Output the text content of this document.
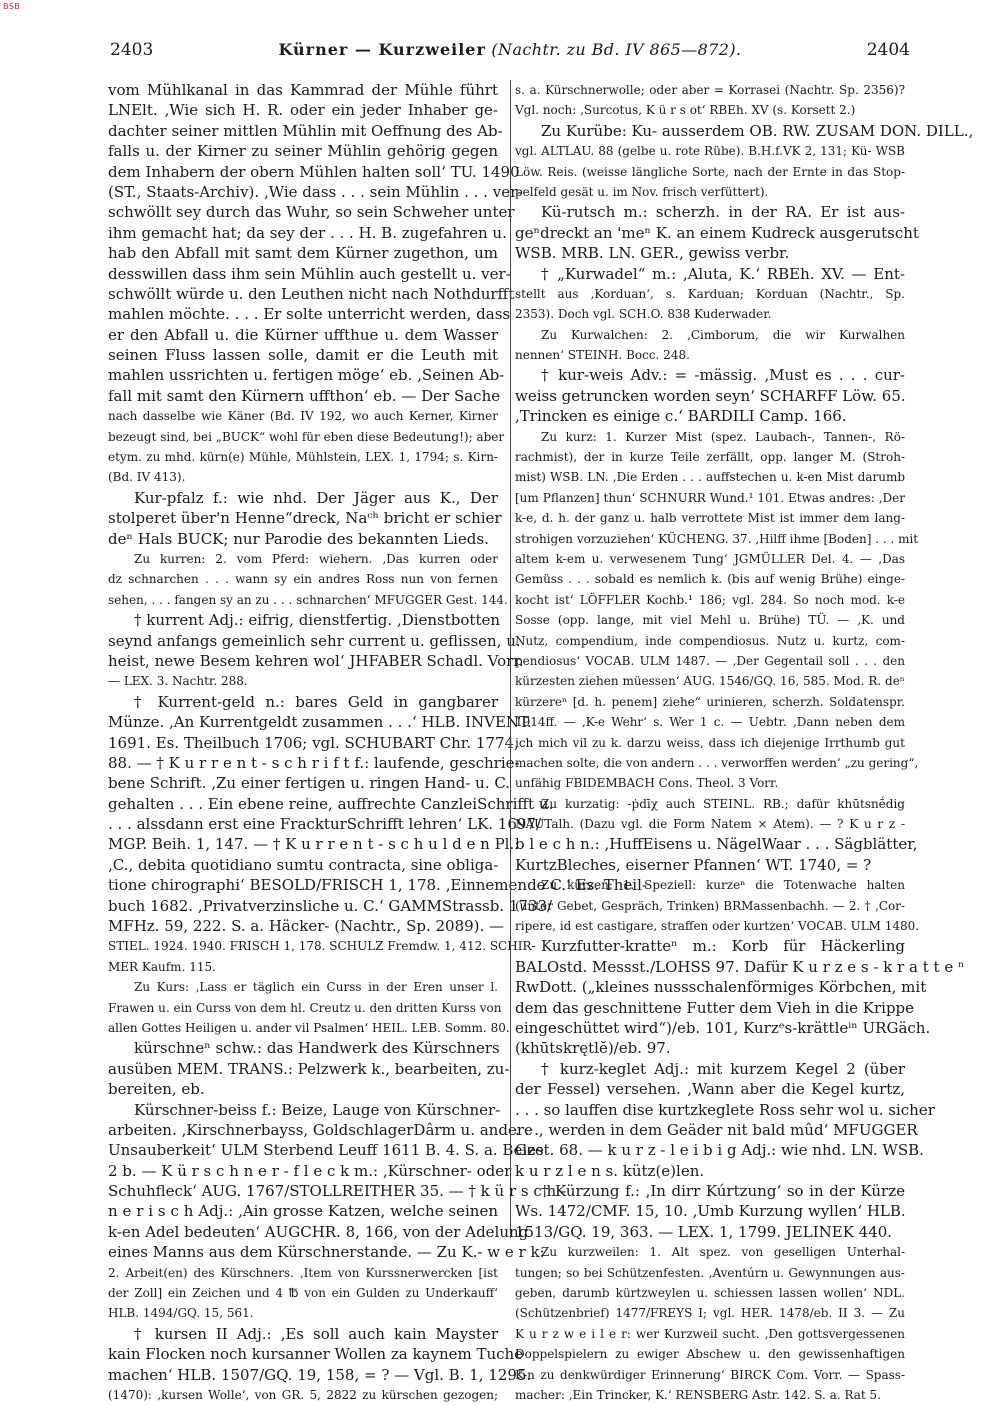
BSB
2403	Kürner — Kurzweiler (Nachtr. zu Bd. IV 865—872).	2404
vom Mühlkanal in das Kammrad der Mühle führt
LNElt. ‚Wie sich H. R. oder ein jeder Inhaber ge-
dachter seiner mittlen Mühlin mit Oeffnung des Ab-
falls u. der Kirner zu seiner Mühlin gehörig gegen
dem Inhabern der obern Mühlen halten soll‘ TU. 1490
(ST., Staats-Archiv). ‚Wie dass . . . sein Mühlin . . . ver-
schwöllt sey durch das Wuhr, so sein Schweher unter
ihm gemacht hat; da sey der . . . H. B. zugefahren u.
hab den Abfall mit samt dem Kürner zugethon, um
desswillen dass ihm sein Mühlin auch gestellt u. ver-
schwöllt würde u. den Leuthen nicht nach Nothdurfft
mahlen möchte. . . . Er solte unterricht werden, dass
er den Abfall u. die Kürner uffthue u. dem Wasser
seinen Fluss lassen solle, damit er die Leuth mit
mahlen ussrichten u. fertigen möge‘ eb. ‚Seinen Ab-
fall mit samt den Kürnern uffthon‘ eb. — Der Sache
nach dasselbe wie Käner (Bd. IV 192, wo auch Kerner, Kirner
bezeugt sind, bei „BUCK“ wohl für eben diese Bedeutung!); aber
etym. zu mhd. kürn(e) Mühle, Mühlstein, LEX. 1, 1794; s. Kirn-
(Bd. IV 413).
Kur-pfalz f.: wie nhd. Der Jäger aus K., Der
stolperet über'n Henne“dreck, Naᶜʰ bricht er schier
deⁿ Hals BUCK; nur Parodie des bekannten Lieds.
Zu kurren: 2. vom Pferd: wiehern. ‚Das kurren oder
dz schnarchen . . . wann sy ein andres Ross nun von fernen
sehen, . . . fangen sy an zu . . . schnarchen‘ MFUGGER Gest. 144.
† kurrent Adj.: eifrig, dienstfertig. ‚Dienstbotten
seynd anfangs gemeinlich sehr current u. geflissen, u.
heist, newe Besem kehren wol‘ JHFABER Schadl. Vorr.
— LEX. 3. Nachtr. 288.
† Kurrent-geld n.: bares Geld in gangbarer
Münze. ‚An Kurrentgeldt zusammen . . .‘ HLB. INVENT.
1691. Es. Theilbuch 1706; vgl. SCHUBART Chr. 1774,
88. — † K u r r e n t - s c h r i f t f.: laufende, geschrie-
bene Schrift. ‚Zu einer fertigen u. ringen Hand- u. C.
gehalten . . . Ein ebene reine, auffrechte CanzleiSchrifft u.
. . . alssdann erst eine FrackturSchrifft lehren‘ LK. 1697/
MGP. Beih. 1, 147. — † K u r r e n t - s c h u l d e n Pl.:
‚C., debita quotidiano sumtu contracta, sine obliga-
tione chirographi‘ BESOLD/FRISCH 1, 178. ‚Einnemende C.‘ Es. Theil-
buch 1682. ‚Privatverzinsliche u. C.‘ GAMMStrassb. 1733/
MFHz. 59, 222. S. a. Häcker- (Nachtr., Sp. 2089). —
STIEL. 1924. 1940. FRISCH 1, 178. SCHULZ Fremdw. 1, 412. SCHIR-
MER Kaufm. 115.
Zu Kurs: ‚Lass er täglich ein Curss in der Eren unser l.
Frawen u. ein Curss von dem hl. Creutz u. den dritten Kurss von
allen Gottes Heiligen u. ander vil Psalmen‘ HEIL. LEB. Somm. 80.
kürschneⁿ schw.: das Handwerk des Kürschners
ausüben MEM. TRANS.: Pelzwerk k., bearbeiten, zu-
bereiten, eb.
Kürschner-beiss f.: Beize, Lauge von Kürschner-
arbeiten. ‚Kirschnerbayss, GoldschlagerDârm u. andere
Unsauberkeit‘ ULM Sterbend Leuff 1611 B. 4. S. a. Beize
2 b. — K ü r s c h n e r - f l e c k m.: ‚Kürschner- oder
Schuhfleck‘ AUG. 1767/STOLLREITHER 35. — † k ü r s c h -
n e r i s c h Adj.: ‚Ain grosse Katzen, welche seinen
k-en Adel bedeuten‘ AUGCHR. 8, 166, von der Adelung
eines Manns aus dem Kürschnerstande. — Zu K.- w e r k:
2. Arbeit(en) des Kürschners. ‚Item von Kurssnerwercken [ist
der Zoll] ein Zeichen und 4 ℔ von ein Gulden zu Underkauff‘
HLB. 1494/GQ. 15, 561.
† kursen II Adj.: ‚Es soll auch kain Mayster
kain Flocken noch kursanner Wollen za kaynem Tuche
machen‘ HLB. 1507/GQ. 19, 158, = ? — Vgl. B. 1, 1295.
(1470): ‚kursen Wolle‘, von GR. 5, 2822 zu kürschen gezogen;
s. a. Kürschnerwolle; oder aber = Korrasei (Nachtr. Sp. 2356)?
Vgl. noch: ‚Surcotus, K ü r s ot‘ RBEh. XV (s. Korsett 2.)
Zu Kurübe: Ku- ausserdem OB. RW. ZUSAM DON. DILL.,
vgl. ALTLAU. 88 (gelbe u. rote Rübe). B.H.f.VK 2, 131; Kü- WSB
Löw. Reis. (weisse längliche Sorte, nach der Ernte in das Stop-
pelfeld gesät u. im Nov. frisch verfüttert).
Kü-rutsch m.: scherzh. in der RA. Er ist aus-
geⁿdreckt an 'meⁿ K. an einem Kudreck ausgerutscht
WSB. MRB. LN. GER., gewiss verbr.
† „Kurwadel“ m.: ‚Aluta, K.‘ RBEh. XV. — Ent-
stellt aus ‚Korduan‘, s. Karduan; Korduan (Nachtr., Sp.
2353). Doch vgl. SCH.O. 838 Kuderwader.
Zu Kurwalchen: 2. ‚Cimborum, die wir Kurwalhen
nennen‘ STEINH. Bocc. 248.
† kur-weis Adv.: = -mässig. ‚Must es . . . cur-
weiss getruncken worden seyn‘ SCHARFF Löw. 65.
‚Trincken es einige c.‘ BARDILI Camp. 166.
Zu kurz: 1. Kurzer Mist (spez. Laubach-, Tannen-, Rö-
rachmist), der in kurze Teile zerfällt, opp. langer M. (Stroh-
mist) WSB. LN. ‚Die Erden . . . auffstechen u. k-en Mist darumb
[um Pflanzen] thun‘ SCHNURR Wund.¹ 101. Etwas andres: ‚Der
k-e, d. h. der ganz u. halb verrottete Mist ist immer dem lang-
strohigen vorzuziehen‘ KÜCHENG. 37. ‚Hilff ihme [Boden] . . . mit
altem k-em u. verwesenem Tung‘ JGMÜLLER Del. 4. — ‚Das
Gemüss . . . sobald es nemlich k. (bis auf wenig Brühe) einge-
kocht ist‘ LÖFFLER Kochb.¹ 186; vgl. 284. So noch mod. k-e
Sosse (opp. lange, mit viel Mehl u. Brühe) TÜ. — ‚K. und
Nutz, compendium, inde compendiosus. Nutz u. kurtz, com-
pendiosus‘ VOCAB. ULM 1487. — ‚Der Gegentail soll . . . den
kürzesten ziehen müessen‘ AUG. 1546/GQ. 16, 585. Mod. R. deⁿ
kürzereⁿ [d. h. penem] ziehe“ urinieren, scherzh. Soldatenspr.
1914ff. — ‚K-e Wehr‘ s. Wer 1 c. — Uebtr. ‚Dann neben dem
ich mich vil zu k. darzu weiss, dass ich diejenige Irrthumb gut
machen solte, die von andern . . . verworffen werden‘ „zu gering“,
unfähig FBIDEMBACH Cons. Theol. 3 Vorr.
Zu kurzatig: -ṗdīχ auch STEINL. RB.; dafür khūtsnḗdig
NAUTalh. (Dazu vgl. die Form Natem × Atem). — ? K u r z -
b l e c h n.: ‚HuffEisens u. NägelWaar . . . Sägblätter,
KurtzBleches, eiserner Pfannen‘ WT. 1740, = ?
Zu kürzen: 1. Speziell: kurzeⁿ die Totenwache halten
(unter Gebet, Gespräch, Trinken) BRMassenbachh. — 2. † ‚Cor-
ripere, id est castigare, straffen oder kurtzen‘ VOCAB. ULM 1480.
Kurzfutter-kratteⁿ m.: Korb für Häckerling
BALOstd. Messst./LOHSS 97. Dafür K u r z e s - k r a t t e ⁿ
RwDott. („kleines nussschalenförmiges Körbchen, mit
dem das geschnittene Futter dem Vieh in die Krippe
eingeschüttet wird“)/eb. 101, Kurzᵉs-krättleⁱⁿ URGäch.
(khūtskrętlĕ)/eb. 97.
† kurz-keglet Adj.: mit kurzem Kegel 2 (über
der Fessel) versehen. ‚Wann aber die Kegel kurtz,
. . . so lauffen dise kurtzkeglete Ross sehr wol u. sicher
. . ., werden in dem Geäder nit bald mûd‘ MFUGGER
Gest. 68. — k u r z - l e i b i g Adj.: wie nhd. LN. WSB.
k u r z l e n s. kütz(e)len.
† Kürzung f.: ‚In dirr Kúrtzung‘ so in der Kürze
Ws. 1472/CMF. 15, 10. ‚Umb Kurzung wyllen‘ HLB.
1513/GQ. 19, 363. — LEX. 1, 1799. JELINEK 440.
Zu kurzweilen: 1. Alt spez. von geselligen Unterhal-
tungen; so bei Schützenfesten. ‚Aventúrn u. Gewynnungen aus-
geben, darumb kürtzweylen u. schiessen lassen wollen‘ NDL.
(Schützenbrief) 1477/FREYS I; vgl. HER. 1478/eb. II 3. — Zu
K u r z w e i l e r: wer Kurzweil sucht. ‚Den gottsvergessenen
Doppelspielern zu ewiger Abschew u. den gewissenhaftigen
K-n zu denkwürdiger Erinnerung‘ BIRCK Com. Vorr. — Spass-
macher: ‚Ein Trincker, K.‘ RENSBERG Astr. 142. S. a. Rat 5.
